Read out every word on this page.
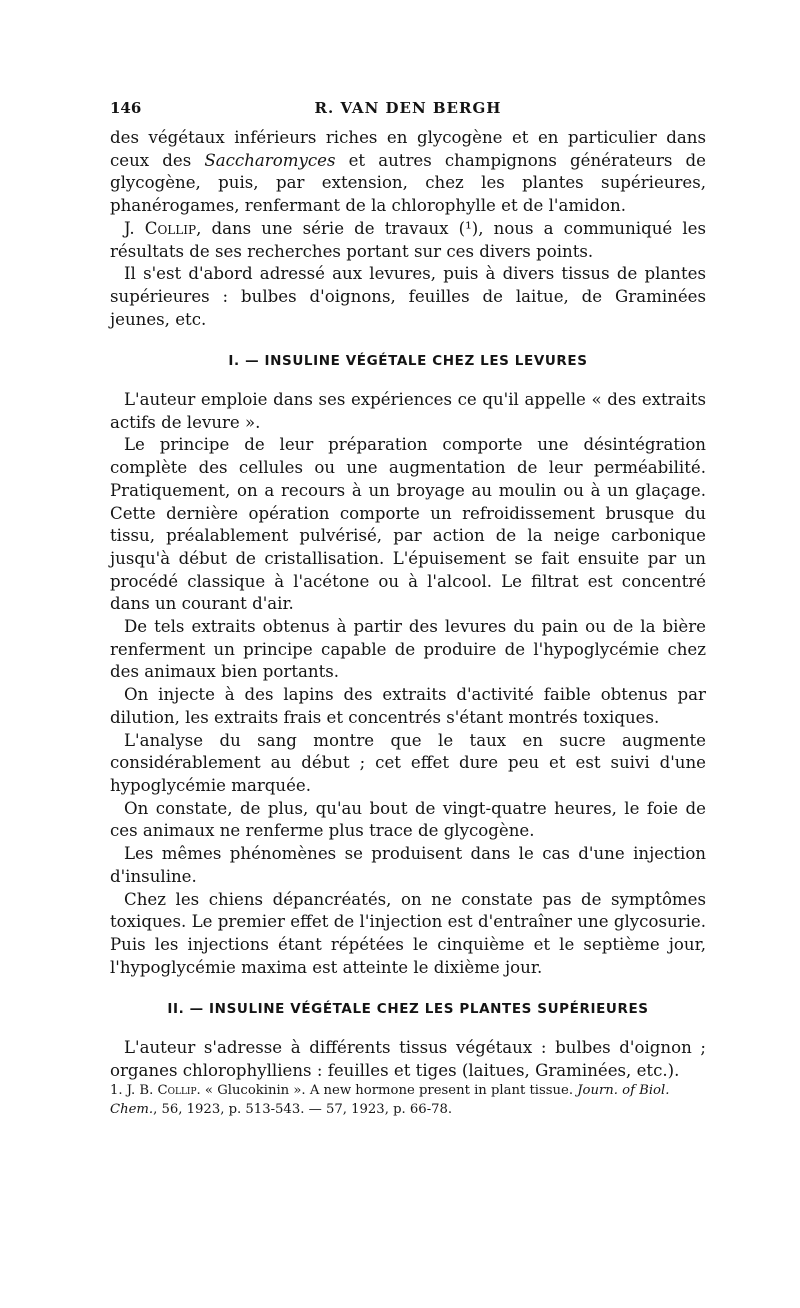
146	R. VAN DEN BERGH

des végétaux inférieurs riches en glycogène et en particulier dans ceux des Saccharomyces et autres champignons générateurs de glycogène, puis, par extension, chez les plantes supérieures, phanérogames, renfermant de la chlorophylle et de l'amidon.

J. Collip, dans une série de travaux (¹), nous a communiqué les résultats de ses recherches portant sur ces divers points.

Il s'est d'abord adressé aux levures, puis à divers tissus de plantes supérieures : bulbes d'oignons, feuilles de laitue, de Graminées jeunes, etc.

I. — INSULINE VÉGÉTALE CHEZ LES LEVURES

L'auteur emploie dans ses expériences ce qu'il appelle « des extraits actifs de levure ».

Le principe de leur préparation comporte une désintégration complète des cellules ou une augmentation de leur perméabilité. Pratiquement, on a recours à un broyage au moulin ou à un glaçage. Cette dernière opération comporte un refroidissement brusque du tissu, préalablement pulvérisé, par action de la neige carbonique jusqu'à début de cristallisation. L'épuisement se fait ensuite par un procédé classique à l'acétone ou à l'alcool. Le filtrat est concentré dans un courant d'air.

De tels extraits obtenus à partir des levures du pain ou de la bière renferment un principe capable de produire de l'hypoglycémie chez des animaux bien portants.

On injecte à des lapins des extraits d'activité faible obtenus par dilution, les extraits frais et concentrés s'étant montrés toxiques.

L'analyse du sang montre que le taux en sucre augmente considérablement au début ; cet effet dure peu et est suivi d'une hypoglycémie marquée.

On constate, de plus, qu'au bout de vingt-quatre heures, le foie de ces animaux ne renferme plus trace de glycogène.

Les mêmes phénomènes se produisent dans le cas d'une injection d'insuline.

Chez les chiens dépancréatés, on ne constate pas de symptômes toxiques. Le premier effet de l'injection est d'entraîner une glycosurie. Puis les injections étant répétées le cinquième et le septième jour, l'hypoglycémie maxima est atteinte le dixième jour.

II. — INSULINE VÉGÉTALE CHEZ LES PLANTES SUPÉRIEURES

L'auteur s'adresse à différents tissus végétaux : bulbes d'oignon ; organes chlorophylliens : feuilles et tiges (laitues, Graminées, etc.).

1. J. B. Collip. « Glucokinin ». A new hormone present in plant tissue. Journ. of Biol. Chem., 56, 1923, p. 513-543. — 57, 1923, p. 66-78.
